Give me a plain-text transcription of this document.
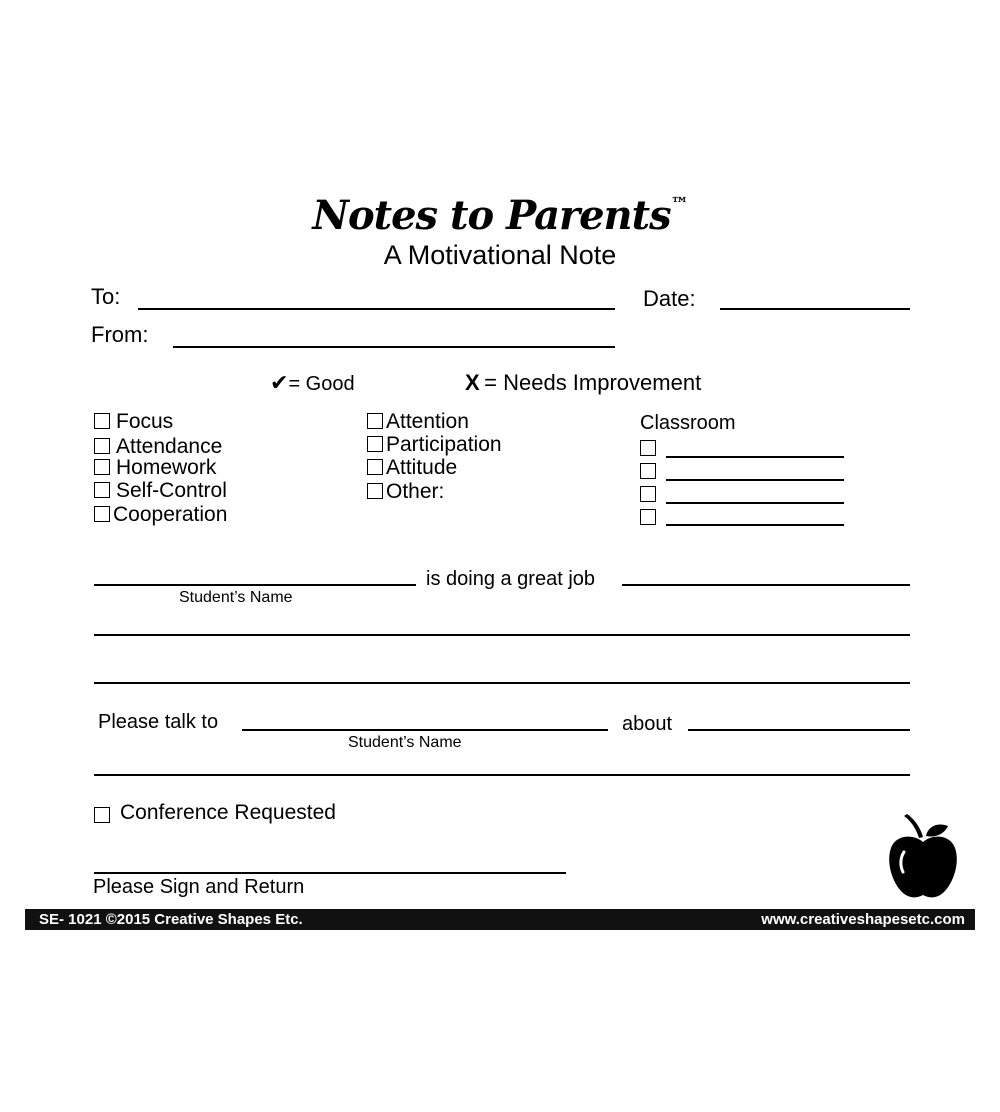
Notes to Parents™
A Motivational Note
To:	Date:
From:
✔= Good	X = Needs Improvement
Focus
Attendance
Homework
Self-Control
Cooperation
Attention
Participation
Attitude
Other:
Classroom
is doing a great job
Student’s Name
Please talk to	about
Student’s Name
Conference Requested
Please Sign and Return
SE- 1021 ©2015 Creative Shapes Etc.	www.creativeshapesetc.com
